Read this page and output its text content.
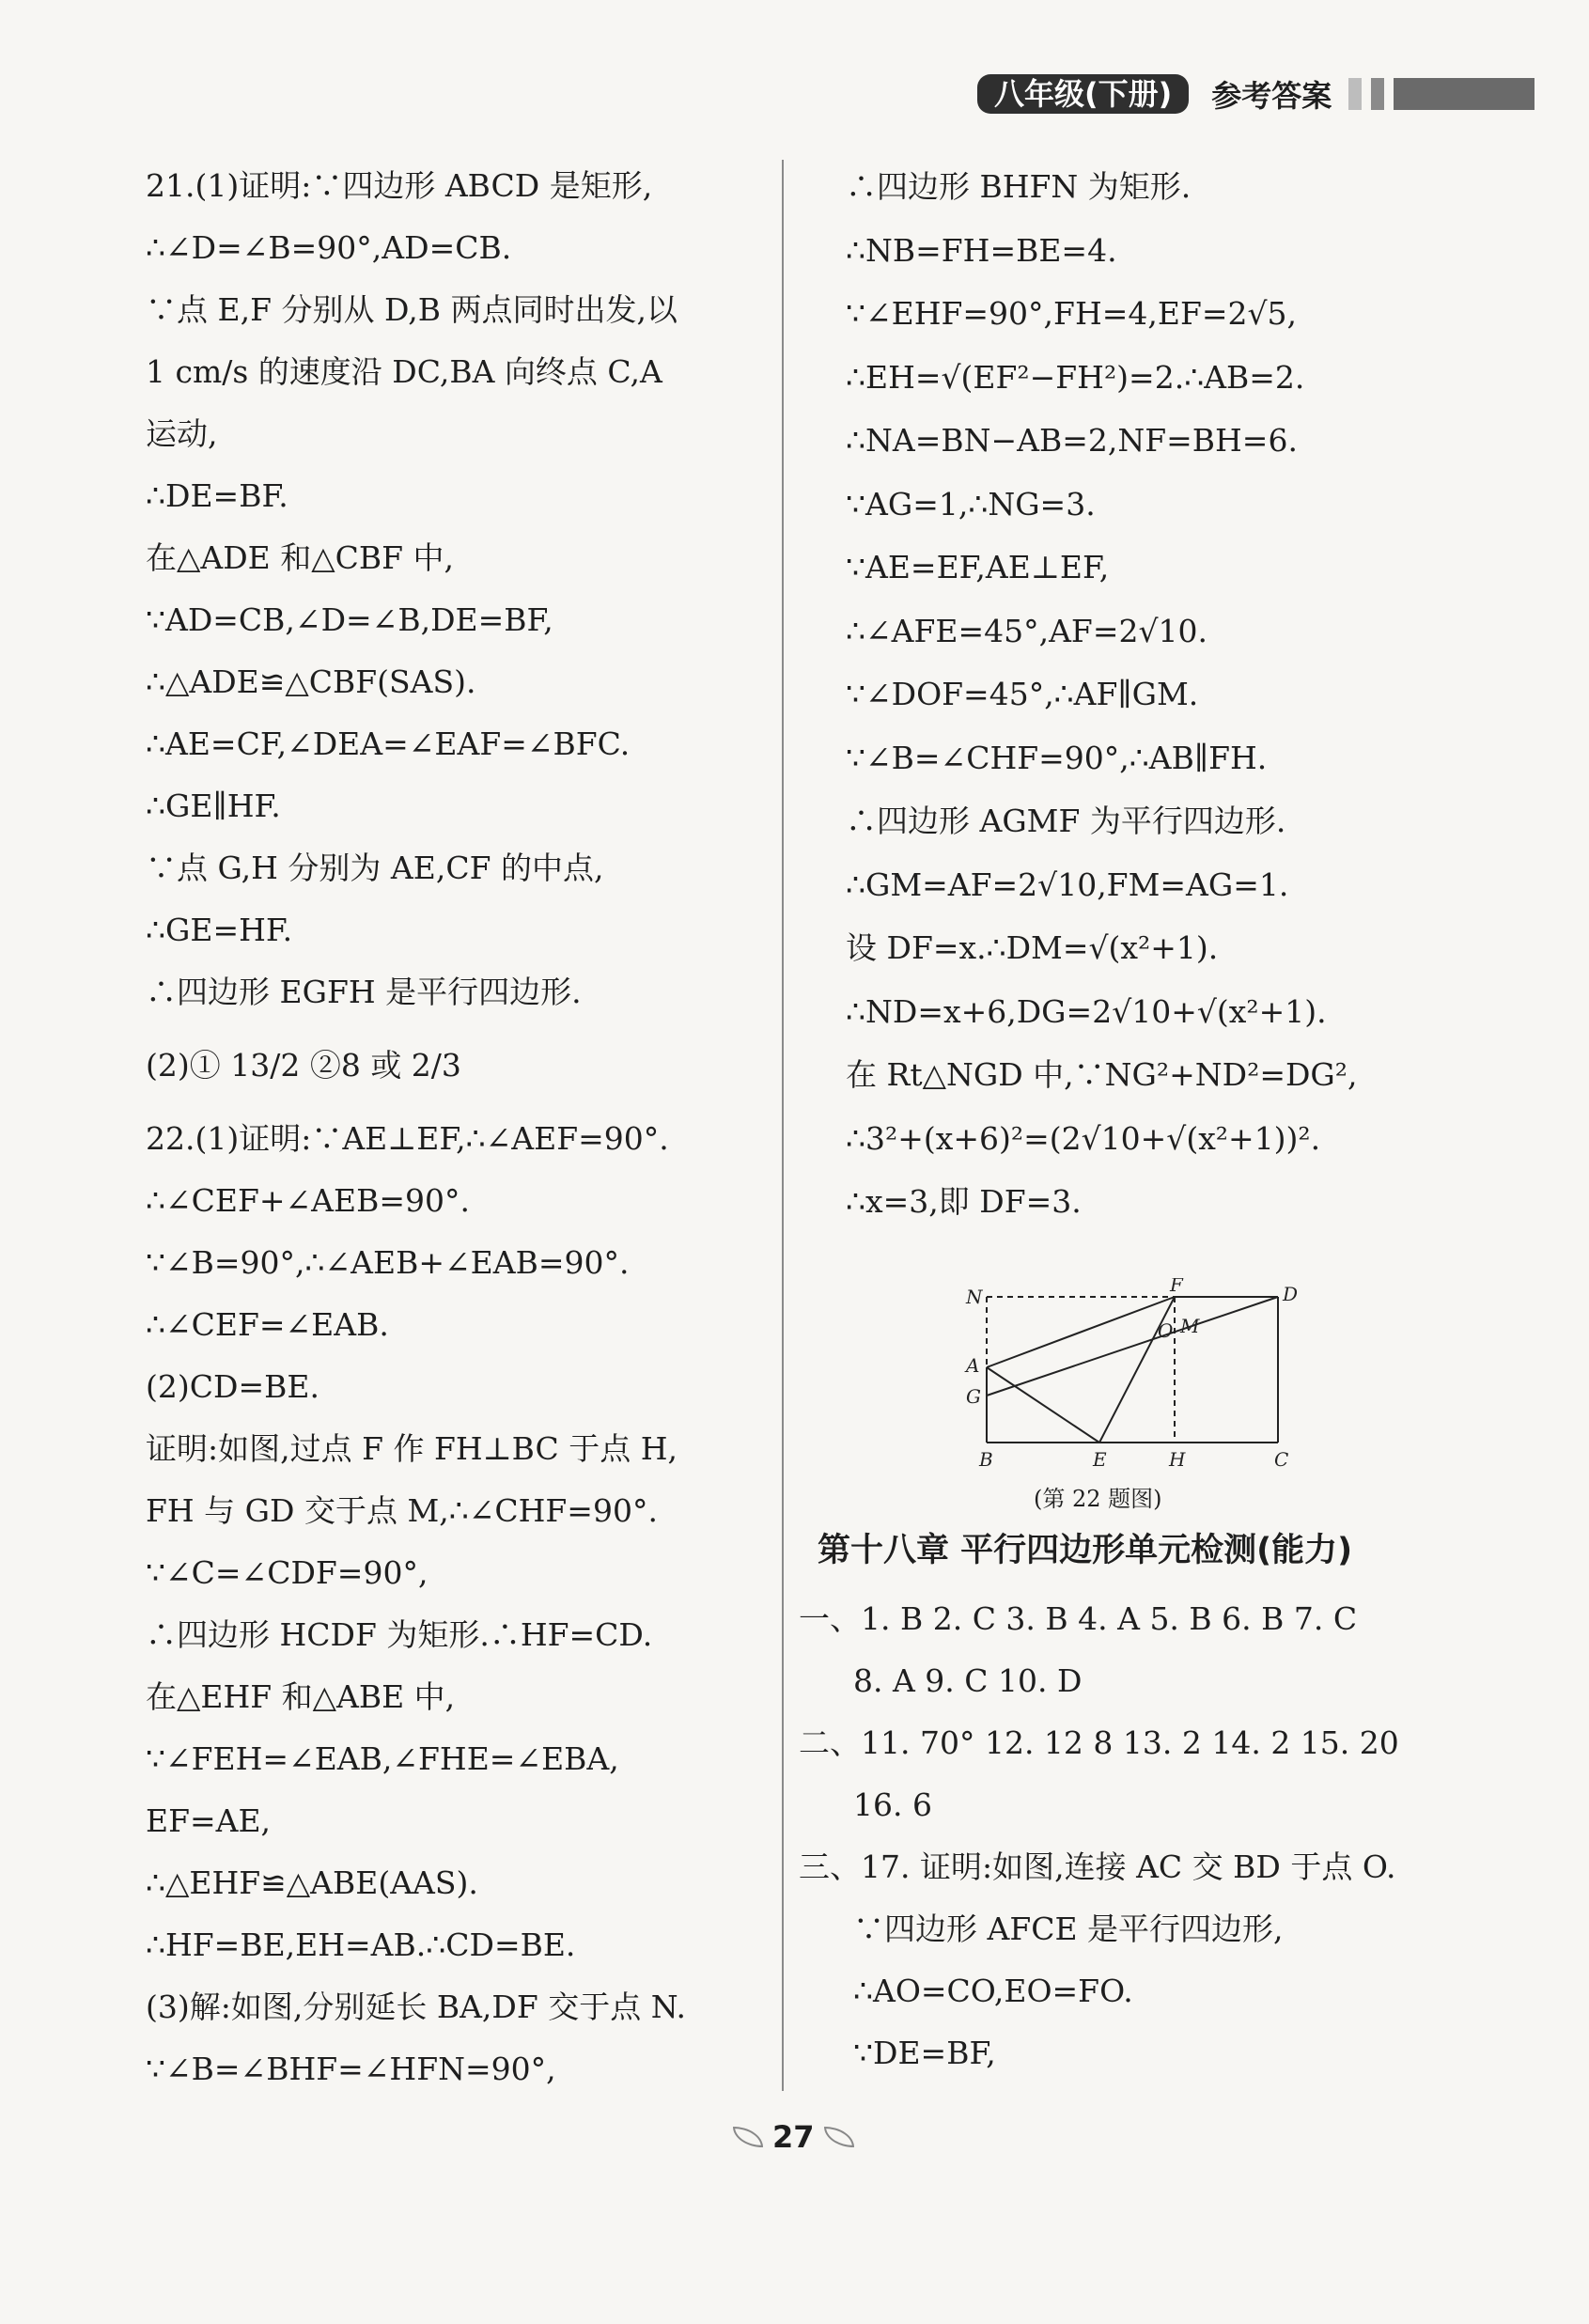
八年级(下册)	参考答案
21.(1)证明:∵四边形 ABCD 是矩形,
∴∠D=∠B=90°,AD=CB.
∵点 E,F 分别从 D,B 两点同时出发,以
1 cm/s 的速度沿 DC,BA 向终点 C,A
运动,
∴DE=BF.
在△ADE 和△CBF 中,
∵AD=CB,∠D=∠B,DE=BF,
∴△ADE≌△CBF(SAS).
∴AE=CF,∠DEA=∠EAF=∠BFC.
∴GE∥HF.
∵点 G,H 分别为 AE,CF 的中点,
∴GE=HF.
∴四边形 EGFH 是平行四边形.
(2)① 13/2 ②8 或 2/3
22.(1)证明:∵AE⊥EF,∴∠AEF=90°.
∴∠CEF+∠AEB=90°.
∵∠B=90°,∴∠AEB+∠EAB=90°.
∴∠CEF=∠EAB.
(2)CD=BE.
证明:如图,过点 F 作 FH⊥BC 于点 H,
FH 与 GD 交于点 M,∴∠CHF=90°.
∵∠C=∠CDF=90°,
∴四边形 HCDF 为矩形.∴HF=CD.
在△EHF 和△ABE 中,
∵∠FEH=∠EAB,∠FHE=∠EBA,
EF=AE,
∴△EHF≌△ABE(AAS).
∴HF=BE,EH=AB.∴CD=BE.
(3)解:如图,分别延长 BA,DF 交于点 N.
∵∠B=∠BHF=∠HFN=90°,
∴四边形 BHFN 为矩形.
∴NB=FH=BE=4.
∵∠EHF=90°,FH=4,EF=2√5,
∴EH=√(EF²−FH²)=2.∴AB=2.
∴NA=BN−AB=2,NF=BH=6.
∵AG=1,∴NG=3.
∵AE=EF,AE⊥EF,
∴∠AFE=45°,AF=2√10.
∵∠DOF=45°,∴AF∥GM.
∵∠B=∠CHF=90°,∴AB∥FH.
∴四边形 AGMF 为平行四边形.
∴GM=AF=2√10,FM=AG=1.
设 DF=x.∴DM=√(x²+1).
∴ND=x+6,DG=2√10+√(x²+1).
在 Rt△NGD 中,∵NG²+ND²=DG²,
∴3²+(x+6)²=(2√10+√(x²+1))².
∴x=3,即 DF=3.
N
F	D
O M
A
G
B	E	H	C
(第 22 题图)
第十八章 平行四边形单元检测(能力)
一、1. B 2. C 3. B 4. A 5. B 6. B 7. C
8. A 9. C 10. D
二、11. 70° 12. 12 8 13. 2 14. 2 15. 20
16. 6
三、17. 证明:如图,连接 AC 交 BD 于点 O.
∵四边形 AFCE 是平行四边形,
∴AO=CO,EO=FO.
∵DE=BF,
27
